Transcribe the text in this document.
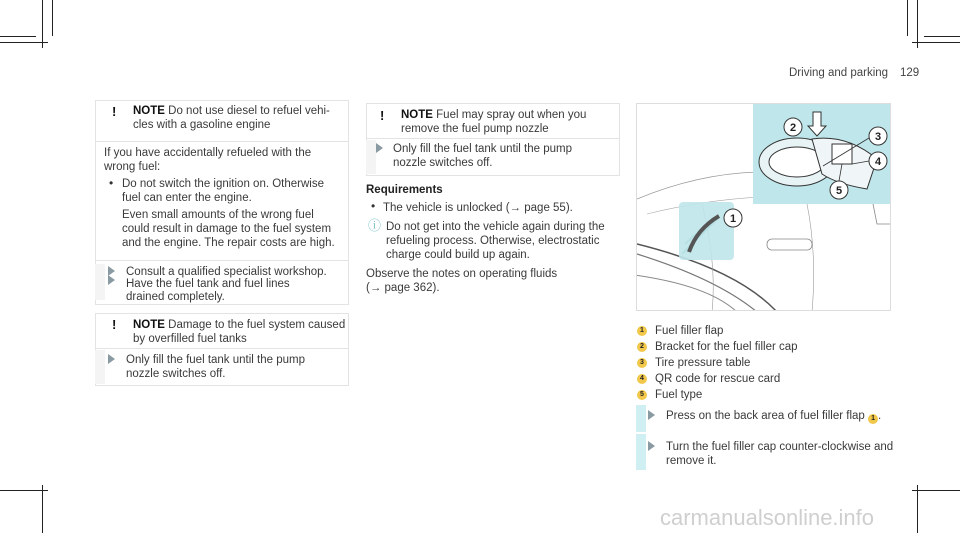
Driving and parking 129
! NOTE Do not use diesel to refuel vehi-
cles with a gasoline engine
If you have accidentally refueled with the
wrong fuel:
• Do not switch the ignition on. Otherwise
fuel can enter the engine.
Even small amounts of the wrong fuel
could result in damage to the fuel system
and the engine. The repair costs are high.
Consult a qualified specialist workshop.
Have the fuel tank and fuel lines
drained completely.
! NOTE Damage to the fuel system caused
by overfilled fuel tanks
Only fill the fuel tank until the pump
nozzle switches off.
! NOTE Fuel may spray out when you
remove the fuel pump nozzle
Only fill the fuel tank until the pump
nozzle switches off.
Requirements
• The vehicle is unlocked (→ page 55).
ⓘ Do not get into the vehicle again during the
refueling process. Otherwise, electrostatic
charge could build up again.
Observe the notes on operating fluids
(→ page 362).
2
3
4
5
1
1 Fuel filler flap
2 Bracket for the fuel filler cap
3 Tire pressure table
4 QR code for rescue card
5 Fuel type
Press on the back area of fuel filler flap 1 .
Turn the fuel filler cap counter-clockwise and
remove it.
carmanualsonline.info
